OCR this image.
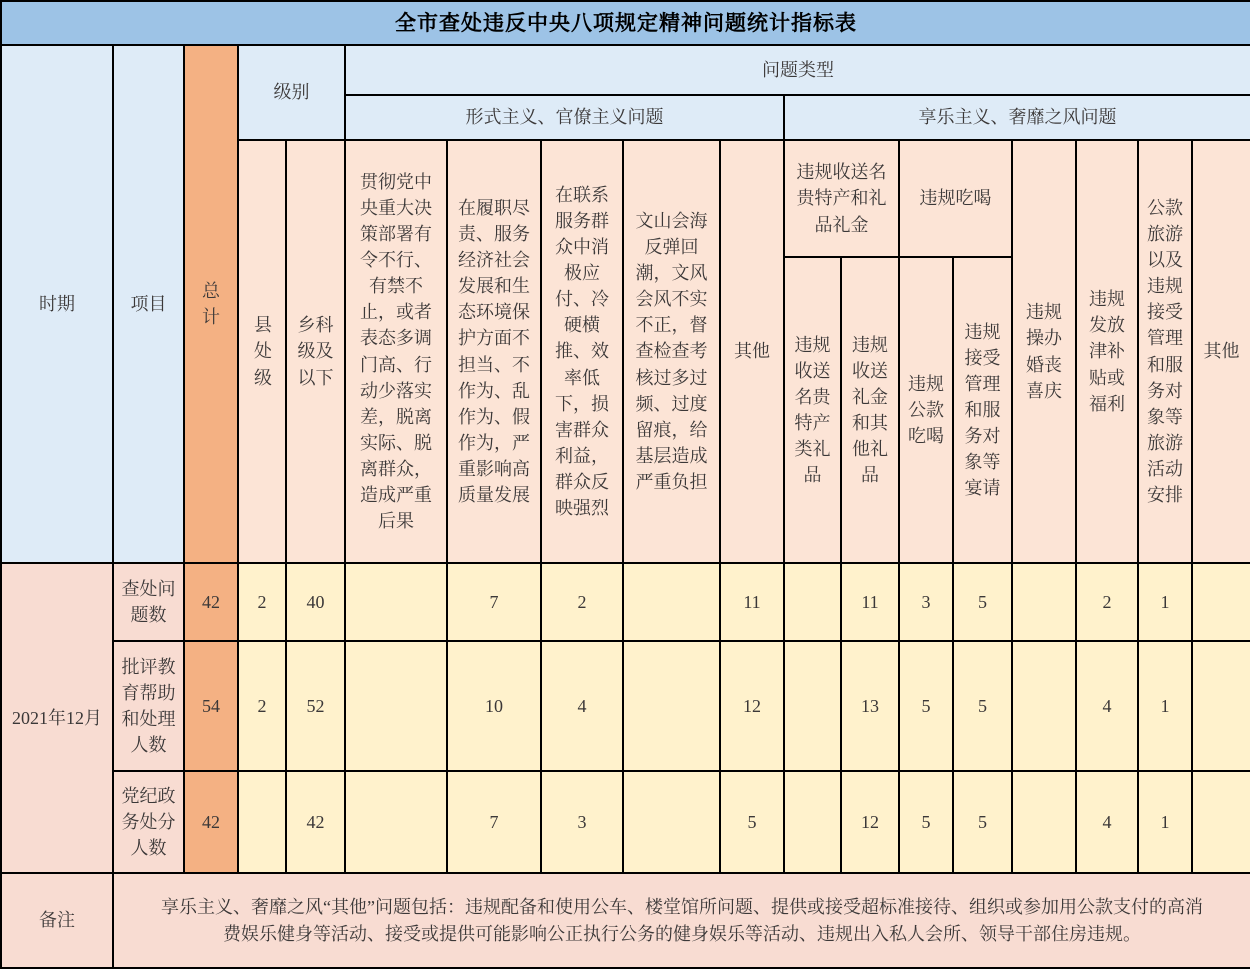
全市查处违反中央八项规定精神问题统计指标表																	
时期	项目	总计	级别		问题类型												
					形式主义、官僚主义问题					享乐主义、奢靡之风问题							
			县处级	乡科级及以下	贯彻党中央重大决策部署有令不行、有禁不止，或者表态多调门高、行动少落实差，脱离实际、脱离群众，造成严重后果	在履职尽责、服务经济社会发展和生态环境保护方面不担当、不作为、乱作为、假作为，严重影响高质量发展	在联系服务群众中消极应付、冷硬横推、效率低下，损害群众利益，群众反映强烈	文山会海反弹回潮，文风会风不实不正，督查检查考核过多过频、过度留痕，给基层造成严重负担	其他	违规收送名贵特产和礼品礼金		违规吃喝		违规操办婚丧喜庆	违规发放津补贴或福利	公款旅游以及违规接受管理和服务对象等旅游活动安排	其他
										违规收送名贵特产类礼品	违规收送礼金和其他礼品	违规公款吃喝	违规接受管理和服务对象等宴请				
2021年12月	查处问题数	42	2	40		7	2		11		11	3	5		2	1	
	批评教育帮助和处理人数	54	2	52		10	4		12		13	5	5		4	1	
	党纪政务处分人数	42		42		7	3		5		12	5	5		4	1	
备注	享乐主义、奢靡之风“其他”问题包括：违规配备和使用公车、楼堂馆所问题、提供或接受超标准接待、组织或参加用公款支付的高消费娱乐健身等活动、接受或提供可能影响公正执行公务的健身娱乐等活动、违规出入私人会所、领导干部住房违规。																
